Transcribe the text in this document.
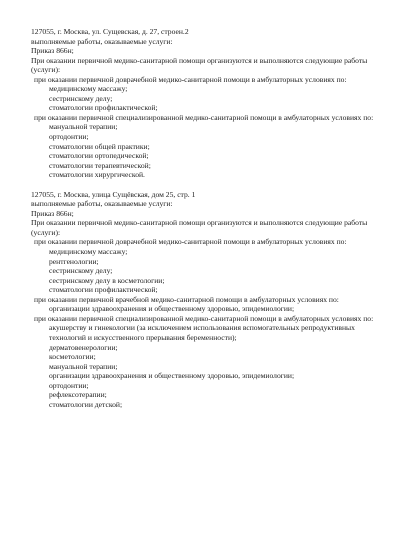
127055, г. Москва, ул. Сущевская, д. 27, строен.2
выполняемые работы, оказываемые услуги:
Приказ 866н;
При оказании первичной медико-санитарной помощи организуются и выполняются следующие работы (услуги):
при оказании первичной доврачебной медико-санитарной помощи в амбулаторных условиях по:
медицинскому массажу;
сестринскому делу;
стоматологии профилактической;
при оказании первичной специализированной медико-санитарной помощи в амбулаторных условиях по:
мануальной терапии;
ортодонтии;
стоматологии общей практики;
стоматологии ортопедической;
стоматологии терапевтической;
стоматологии хирургической.
127055, г. Москва, улица Сущёвская, дом 25, стр. 1
выполняемые работы, оказываемые услуги:
Приказ 866н;
При оказании первичной медико-санитарной помощи организуются и выполняются следующие работы (услуги):
при оказании первичной доврачебной медико-санитарной помощи в амбулаторных условиях по:
медицинскому массажу;
рентгенологии;
сестринскому делу;
сестринскому делу в косметологии;
стоматологии профилактической;
при оказании первичной врачебной медико-санитарной помощи в амбулаторных условиях по:
организации здравоохранения и общественному здоровью, эпидемиологии;
при оказании первичной специализированной медико-санитарной помощи в амбулаторных условиях по:
акушерству и гинекологии (за исключением использования вспомогательных репродуктивных технологий и искусственного прерывания беременности);
дерматовенерологии;
косметологии;
мануальной терапии;
организации здравоохранения и общественному здоровью, эпидемиологии;
ортодонтии;
рефлексотерапии;
стоматологии детской;
